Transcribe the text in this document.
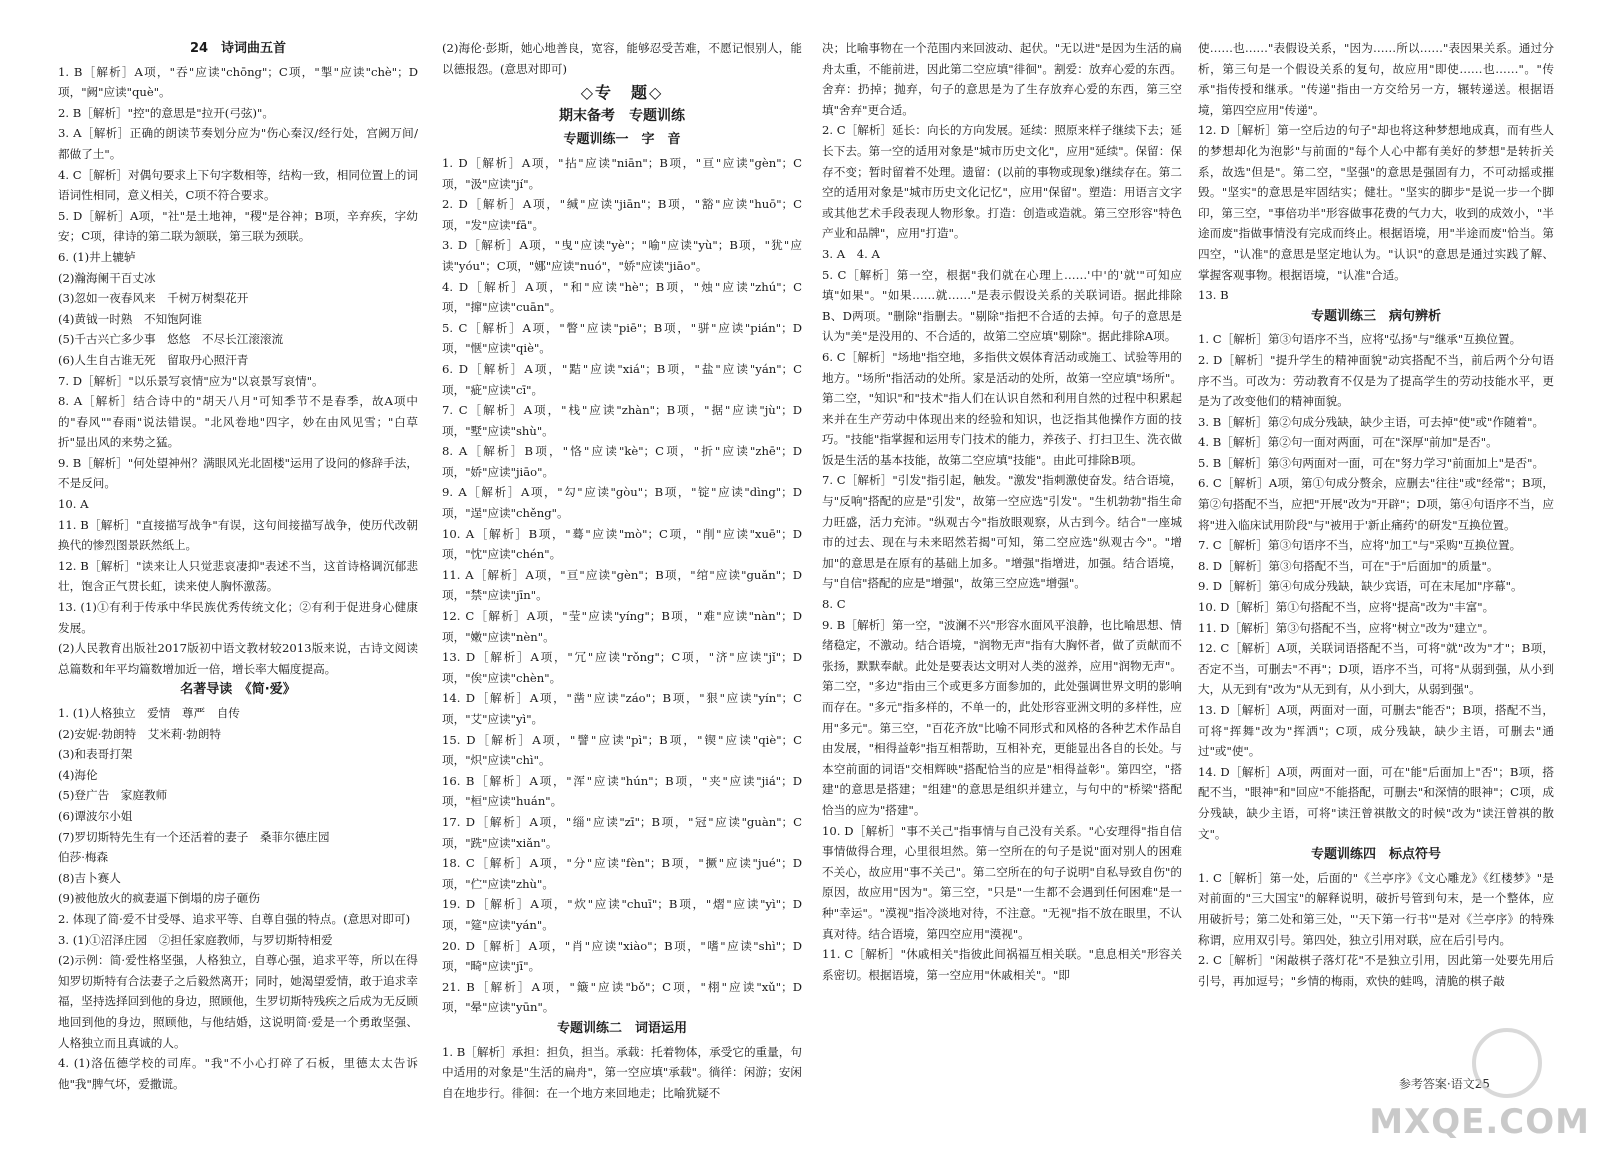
24　诗词曲五首

1. B［解析］A项，"吞"应读"chōng"；C项，"掣"应读"chè"；D项，"阙"应读"què"。

2. B［解析］"控"的意思是"拉开(弓弦)"。

3. A［解析］正确的朗读节奏划分应为"伤心秦汉/经行处，宫阙万间/都做了土"。

4. C［解析］对偶句要求上下句字数相等，结构一致，相同位置上的词语词性相同，意义相关，C项不符合要求。

5. D［解析］A项，"社"是土地神，"稷"是谷神；B项，辛弃疾，字幼安；C项，律诗的第二联为颔联，第三联为颈联。

6. (1)井上辘轳

(2)瀚海阑干百丈冰

(3)忽如一夜春风来　千树万树梨花开

(4)黄钺一时熟　不知饱阿谁

(5)千古兴亡多少事　悠悠　不尽长江滚滚流

(6)人生自古谁无死　留取丹心照汗青

7. D［解析］"以乐景写哀情"应为"以哀景写哀情"。

8. A［解析］结合诗中的"胡天八月"可知季节不是春季，故A项中的"春风""春雨"说法错误。"北风卷地"四字，妙在由风见雪；"白草折"显出风的来势之猛。

9. B［解析］"何处望神州？满眼风光北固楼"运用了设问的修辞手法，不是反问。

10. A

11. B［解析］"直接描写战争"有误，这句间接描写战争，使历代改朝换代的惨烈图景跃然纸上。

12. B［解析］"读来让人只觉悲哀凄抑"表述不当，这首诗格调沉郁悲壮，饱含正气贯长虹，读来使人胸怀激荡。

13. (1)①有利于传承中华民族优秀传统文化；②有利于促进身心健康发展。

(2)人民教育出版社2017版初中语文教材较2013版来说，古诗文阅读总篇数和年平均篇数增加近一倍，增长率大幅度提高。

名著导读　《简·爱》

1. (1)人格独立　爱情　尊严　自传

(2)安妮·勃朗特　艾米莉·勃朗特

(3)和表哥打架

(4)海伦

(5)登广告　家庭教师

(6)谭波尔小姐

(7)罗切斯特先生有一个还活着的妻子　桑菲尔德庄园

伯莎·梅森

(8)吉卜赛人

(9)被他放火的疯妻逼下倒塌的房子砸伤

2. 体现了简·爱不甘受辱、追求平等、自尊自强的特点。(意思对即可)

3. (1)①沼泽庄园　②担任家庭教师，与罗切斯特相爱

(2)示例：简·爱性格坚强，人格独立，自尊心强，追求平等，所以在得知罗切斯特有合法妻子之后毅然离开；同时，她渴望爱情，敢于追求幸福，坚持选择回到他的身边，照顾他，生罗切斯特残疾之后成为无反顾地回到他的身边，照顾他，与他结婚，这说明简·爱是一个勇敢坚强、人格独立而且真诚的人。

4. (1)洛伍德学校的司库。"我"不小心打碎了石板，里德太太告诉他"我"脾气坏，爱撒谎。

(2)海伦·彭斯，她心地善良，宽容，能够忍受苦难，不愿记恨别人，能以德报怨。(意思对即可)

◇专　题◇

期末备考　专题训练

专题训练一　字　音

1. D［解析］A项，"拈"应读"niān"；B项，"亘"应读"gèn"；C项，"汲"应读"jí"。

2. D［解析］A项，"缄"应读"jiān"；B项，"豁"应读"huō"；C项，"发"应读"fā"。

3. D［解析］A项，"曳"应读"yè"；"喻"应读"yù"；B项，"犹"应读"yóu"；C项，"娜"应读"nuó"，"娇"应读"jiāo"。

4. D［解析］A项，"和"应读"hè"；B项，"烛"应读"zhú"；C项，"撺"应读"cuān"。

5. C［解析］A项，"瞥"应读"piē"；B项，"骈"应读"pián"；D项，"惬"应读"qiè"。

6. D［解析］A项，"黠"应读"xiá"；B项，"盐"应读"yán"；C项，"疵"应读"cī"。

7. C［解析］A项，"栈"应读"zhàn"；B项，"据"应读"jù"；D项，"墅"应读"shù"。

8. A［解析］B项，"恪"应读"kè"；C项，"折"应读"zhē"；D项，"娇"应读"jiāo"。

9. A［解析］A项，"勾"应读"gòu"；B项，"锭"应读"dìng"；D项，"逞"应读"chěng"。

10. A［解析］B项，"蓦"应读"mò"；C项，"削"应读"xuē"；D项，"忱"应读"chén"。

11. A［解析］A项，"亘"应读"gèn"；B项，"绾"应读"guǎn"；D项，"禁"应读"jīn"。

12. C［解析］A项，"莹"应读"yíng"；B项，"难"应读"nàn"；D项，"嫩"应读"nèn"。

13. D［解析］A项，"冗"应读"rǒng"；C项，"济"应读"jǐ"；D项，"俟"应读"chèn"。

14. D［解析］A项，"凿"应读"záo"；B项，"狠"应读"yín"；C项，"艾"应读"yì"。

15. D［解析］A项，"譬"应读"pì"；B项，"锲"应读"qiè"；C项，"炽"应读"chì"。

16. B［解析］A项，"浑"应读"hún"；B项，"夹"应读"jiá"；D项，"桓"应读"huán"。

17. D［解析］A项，"缁"应读"zī"；B项，"冠"应读"guàn"；C项，"跣"应读"xiǎn"。

18. C［解析］A项，"分"应读"fèn"；B项，"撅"应读"jué"；D项，"伫"应读"zhù"。

19. D［解析］A项，"炊"应读"chuī"；B项，"熠"应读"yì"；D项，"筵"应读"yán"。

20. D［解析］A项，"肖"应读"xiào"；B项，"嗜"应读"shì"；D项，"畸"应读"jī"。

21. B［解析］A项，"簸"应读"bǒ"；C项，"栩"应读"xǔ"；D项，"晕"应读"yūn"。

专题训练二　词语运用

1. B［解析］承担：担负，担当。承载：托着物体，承受它的重量，句中适用的对象是"生活的扁舟"，第一空应填"承载"。徜徉：闲游；安闲自在地步行。徘徊：在一个地方来回地走；比喻犹疑不

决；比喻事物在一个范围内来回波动、起伏。"无以进"是因为生活的扁舟太重，不能前进，因此第二空应填"徘徊"。割爱：放弃心爱的东西。舍弃：扔掉；抛弃，句子的意思是为了生存放弃心爱的东西，第三空填"舍弃"更合适。

2. C［解析］延长：向长的方向发展。延续：照原来样子继续下去；延长下去。第一空的适用对象是"城市历史文化"，应用"延续"。保留：保存不变；暂时留着不处理。遗留：(以前的事物或现象)继续存在。第二空的适用对象是"城市历史文化记忆"，应用"保留"。塑造：用语言文字或其他艺术手段表现人物形象。打造：创造或造就。第三空形容"特色产业和品牌"，应用"打造"。

3. A　4. A

5. C［解析］第一空，根据"我们就在心理上……'中'的'就'"可知应填"如果"。"如果……就……"是表示假设关系的关联词语。据此排除B、D两项。"删除"指删去。"剔除"指把不合适的去掉。句子的意思是认为"美"是没用的、不合适的，故第二空应填"剔除"。据此排除A项。

6. C［解析］"场地"指空地，多指供文娱体育活动或施工、试验等用的地方。"场所"指活动的处所。家是活动的处所，故第一空应填"场所"。第二空，"知识"和"技术"指人们在认识自然和利用自然的过程中积累起来并在生产劳动中体现出来的经验和知识，也泛指其他操作方面的技巧。"技能"指掌握和运用专门技术的能力，养孩子、打扫卫生、洗衣做饭是生活的基本技能，故第二空应填"技能"。由此可排除B项。

7. C［解析］"引发"指引起，触发。"激发"指刺激使奋发。结合语境，与"反响"搭配的应是"引发"，故第一空应选"引发"。"生机勃勃"指生命力旺盛，活力充沛。"纵观古今"指放眼观察，从古到今。结合"一座城市的过去、现在与未来昭然若揭"可知，第二空应选"纵观古今"。"增加"的意思是在原有的基础上加多。"增强"指增进，加强。结合语境，与"自信"搭配的应是"增强"，故第三空应选"增强"。

8. C

9. B［解析］第一空，"波澜不兴"形容水面风平浪静，也比喻思想、情绪稳定，不激动。结合语境，"润物无声"指有大胸怀者，做了贡献而不张扬，默默奉献。此处是要表达文明对人类的滋养，应用"润物无声"。第二空，"多边"指由三个或更多方面参加的，此处强调世界文明的影响而存在。"多元"指多样的，不单一的，此处形容亚洲文明的多样性，应用"多元"。第三空，"百花齐放"比喻不同形式和风格的各种艺术作品自由发展，"相得益彰"指互相帮助，互相补充，更能显出各自的长处。与本空前面的词语"交相辉映"搭配恰当的应是"相得益彰"。第四空，"搭建"的意思是搭建；"组建"的意思是组织并建立，与句中的"桥梁"搭配恰当的应为"搭建"。

10. D［解析］"事不关己"指事情与自己没有关系。"心安理得"指自信事情做得合理，心里很坦然。第一空所在的句子是说"面对别人的困难不关心，故应用"事不关己"。第二空所在的句子说明"自私导致自伤"的原因，故应用"因为"。第三空，"只是"一生都不会遇到任何困难"是一种"幸运"。"漠视"指冷淡地对待，不注意。"无视"指不放在眼里，不认真对待。结合语境，第四空应用"漠视"。

11. C［解析］"休戚相关"指彼此间祸福互相关联。"息息相关"形容关系密切。根据语境，第一空应用"休戚相关"。"即

使……也……"表假设关系，"因为……所以……"表因果关系。通过分析，第三句是一个假设关系的复句，故应用"即使……也……"。"传承"指传授和继承。"传递"指由一方交给另一方，辗转递送。根据语境，第四空应用"传递"。

12. D［解析］第一空后边的句子"却也将这种梦想地成真，而有些人的梦想却化为泡影"与前面的"每个人心中都有美好的梦想"是转折关系，故选"但是"。第二空，"坚强"的意思是强固有力，不可动摇或摧毁。"坚实"的意思是牢固结实；健壮。"坚实的脚步"是说一步一个脚印，第三空，"事倍功半"形容做事花费的气力大，收到的成效小，"半途而废"指做事情没有完成而终止。根据语境，用"半途而废"恰当。第四空，"认准"的意思是坚定地认为。"认识"的意思是通过实践了解、掌握客观事物。根据语境，"认准"合适。

13. B

专题训练三　病句辨析

1. C［解析］第③句语序不当，应将"弘扬"与"继承"互换位置。

2. D［解析］"提升学生的精神面貌"动宾搭配不当，前后两个分句语序不当。可改为：劳动教育不仅是为了提高学生的劳动技能水平，更是为了改变他们的精神面貌。

3. B［解析］第②句成分残缺，缺少主语，可去掉"使"或"作随着"。

4. B［解析］第②句一面对两面，可在"深厚"前加"是否"。

5. B［解析］第③句两面对一面，可在"努力学习"前面加上"是否"。

6. C［解析］A项，第①句成分赘余，应删去"往往"或"经常"；B项，第②句搭配不当，应把"开展"改为"开辟"；D项，第④句语序不当，应将"进入临床试用阶段"与"被用于'新止痛药'的研发"互换位置。

7. C［解析］第③句语序不当，应将"加工"与"采购"互换位置。

8. D［解析］第③句搭配不当，可在"于"后面加"的质量"。

9. D［解析］第④句成分残缺，缺少宾语，可在末尾加"序幕"。

10. D［解析］第①句搭配不当，应将"提高"改为"丰富"。

11. D［解析］第③句搭配不当，应将"树立"改为"建立"。

12. C［解析］A项，关联词语搭配不当，可将"就"改为"才"；B项，否定不当，可删去"不再"；D项，语序不当，可将"从弱到强，从小到大，从无到有"改为"从无到有，从小到大，从弱到强"。

13. D［解析］A项，两面对一面，可删去"能否"；B项，搭配不当，可将"挥舞"改为"挥洒"；C项，成分残缺，缺少主语，可删去"通过"或"使"。

14. D［解析］A项，两面对一面，可在"能"后面加上"否"；B项，搭配不当，"眼神"和"回应"不能搭配，可删去"和深情的眼神"；C项，成分残缺，缺少主语，可将"读汪曾祺散文的时候"改为"读汪曾祺的散文"。

专题训练四　标点符号

1. C［解析］第一处，后面的"《兰亭序》《文心雕龙》《红楼梦》"是对前面的"三大国宝"的解释说明，破折号管到句末，是一个整体，应用破折号；第二处和第三处，"'天下第一行书'"是对《兰亭序》的特殊称谓，应用双引号。第四处，独立引用对联，应在后引号内。

2. C［解析］"闲敲棋子落灯花"不是独立引用，因此第一处要先用后引号，再加逗号；"乡情的梅雨，欢快的蛙鸣，清脆的棋子敲

参考答案·语文25
MXQE.COM
